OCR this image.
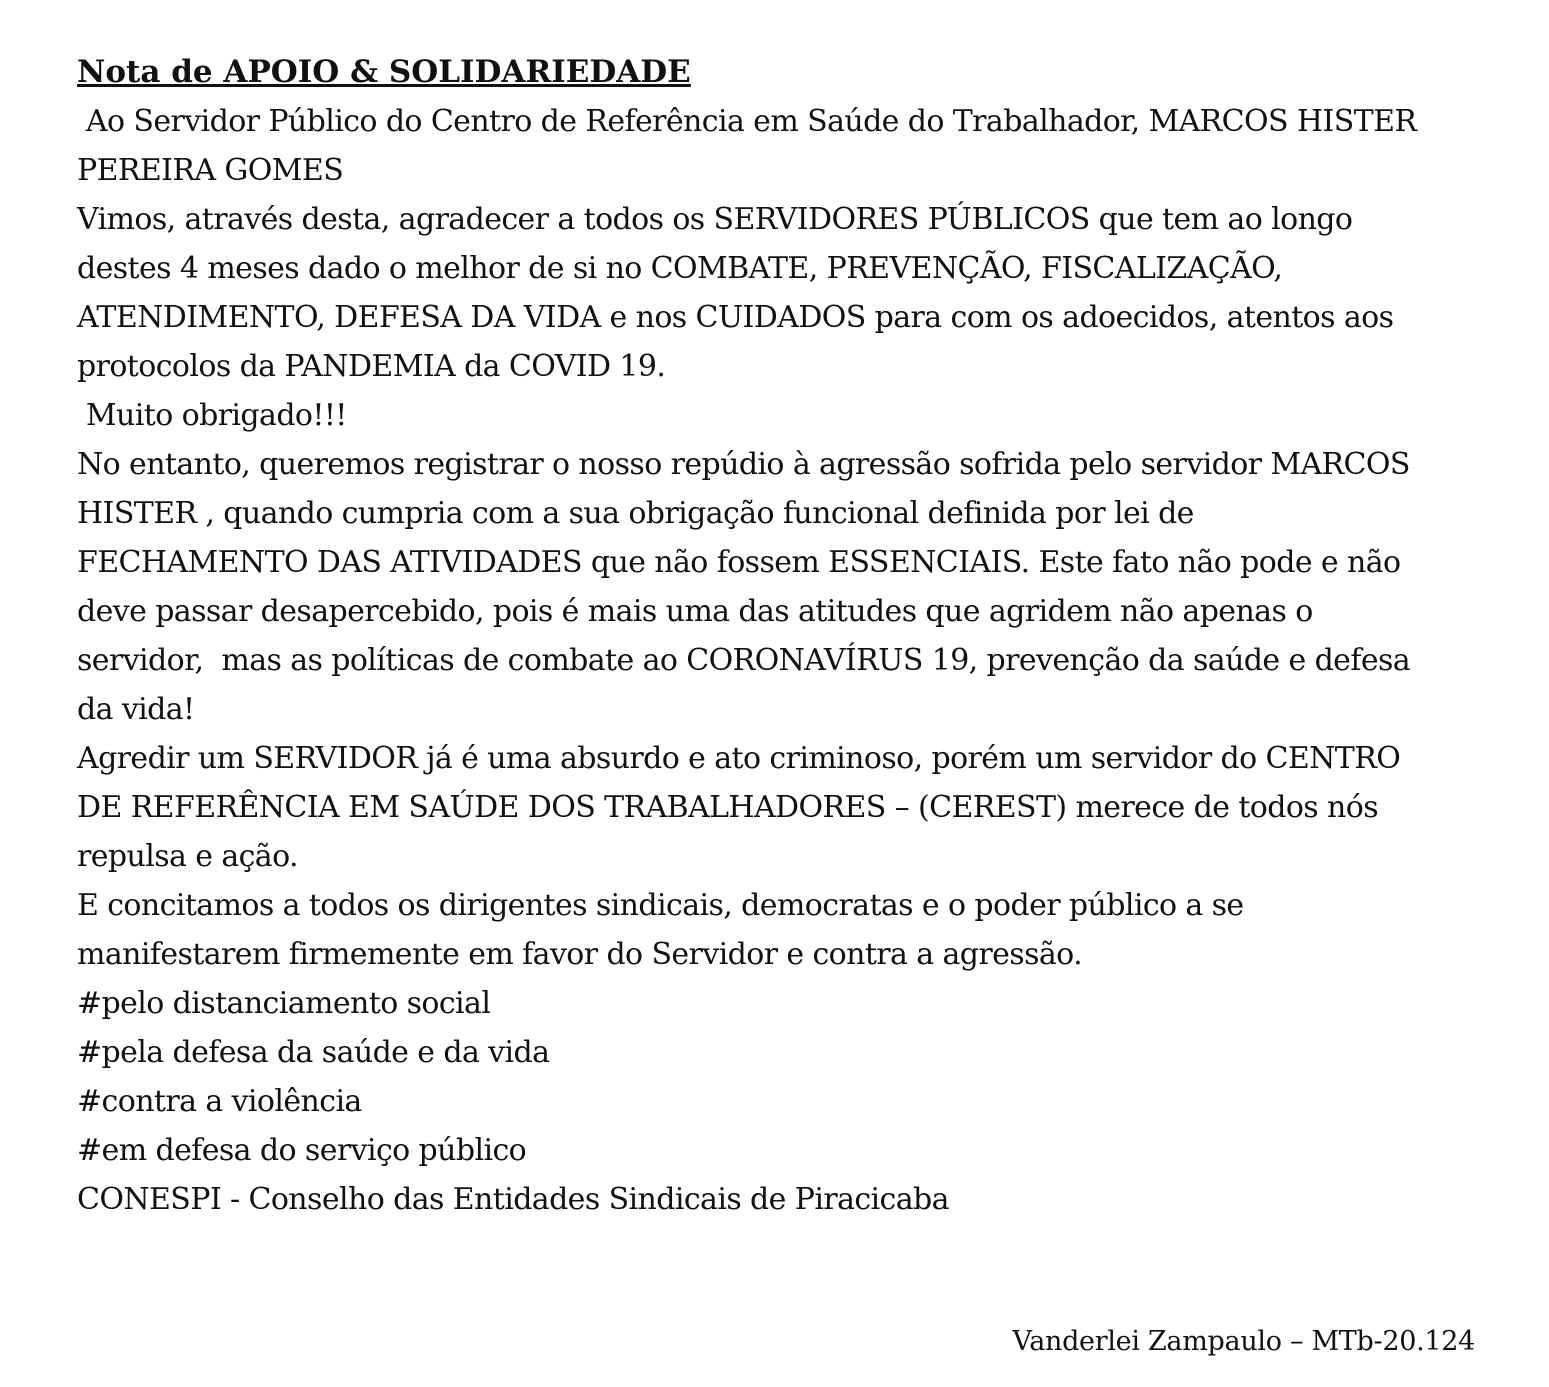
Nota de APOIO & SOLIDARIEDADE
Ao Servidor Público do Centro de Referência em Saúde do Trabalhador, MARCOS HISTER
PEREIRA GOMES
Vimos, através desta, agradecer a todos os SERVIDORES PÚBLICOS que tem ao longo
destes 4 meses dado o melhor de si no COMBATE, PREVENÇÃO, FISCALIZAÇÃO,
ATENDIMENTO, DEFESA DA VIDA e nos CUIDADOS para com os adoecidos, atentos aos
protocolos da PANDEMIA da COVID 19.
Muito obrigado!!!
No entanto, queremos registrar o nosso repúdio à agressão sofrida pelo servidor MARCOS
HISTER , quando cumpria com a sua obrigação funcional definida por lei de
FECHAMENTO DAS ATIVIDADES que não fossem ESSENCIAIS. Este fato não pode e não
deve passar desapercebido, pois é mais uma das atitudes que agridem não apenas o
servidor,  mas as políticas de combate ao CORONAVÍRUS 19, prevenção da saúde e defesa
da vida!
Agredir um SERVIDOR já é uma absurdo e ato criminoso, porém um servidor do CENTRO
DE REFERÊNCIA EM SAÚDE DOS TRABALHADORES – (CEREST) merece de todos nós
repulsa e ação.
E concitamos a todos os dirigentes sindicais, democratas e o poder público a se
manifestarem firmemente em favor do Servidor e contra a agressão.
#pelo distanciamento social
#pela defesa da saúde e da vida
#contra a violência
#em defesa do serviço público
CONESPI - Conselho das Entidades Sindicais de Piracicaba
Vanderlei Zampaulo – MTb-20.124
